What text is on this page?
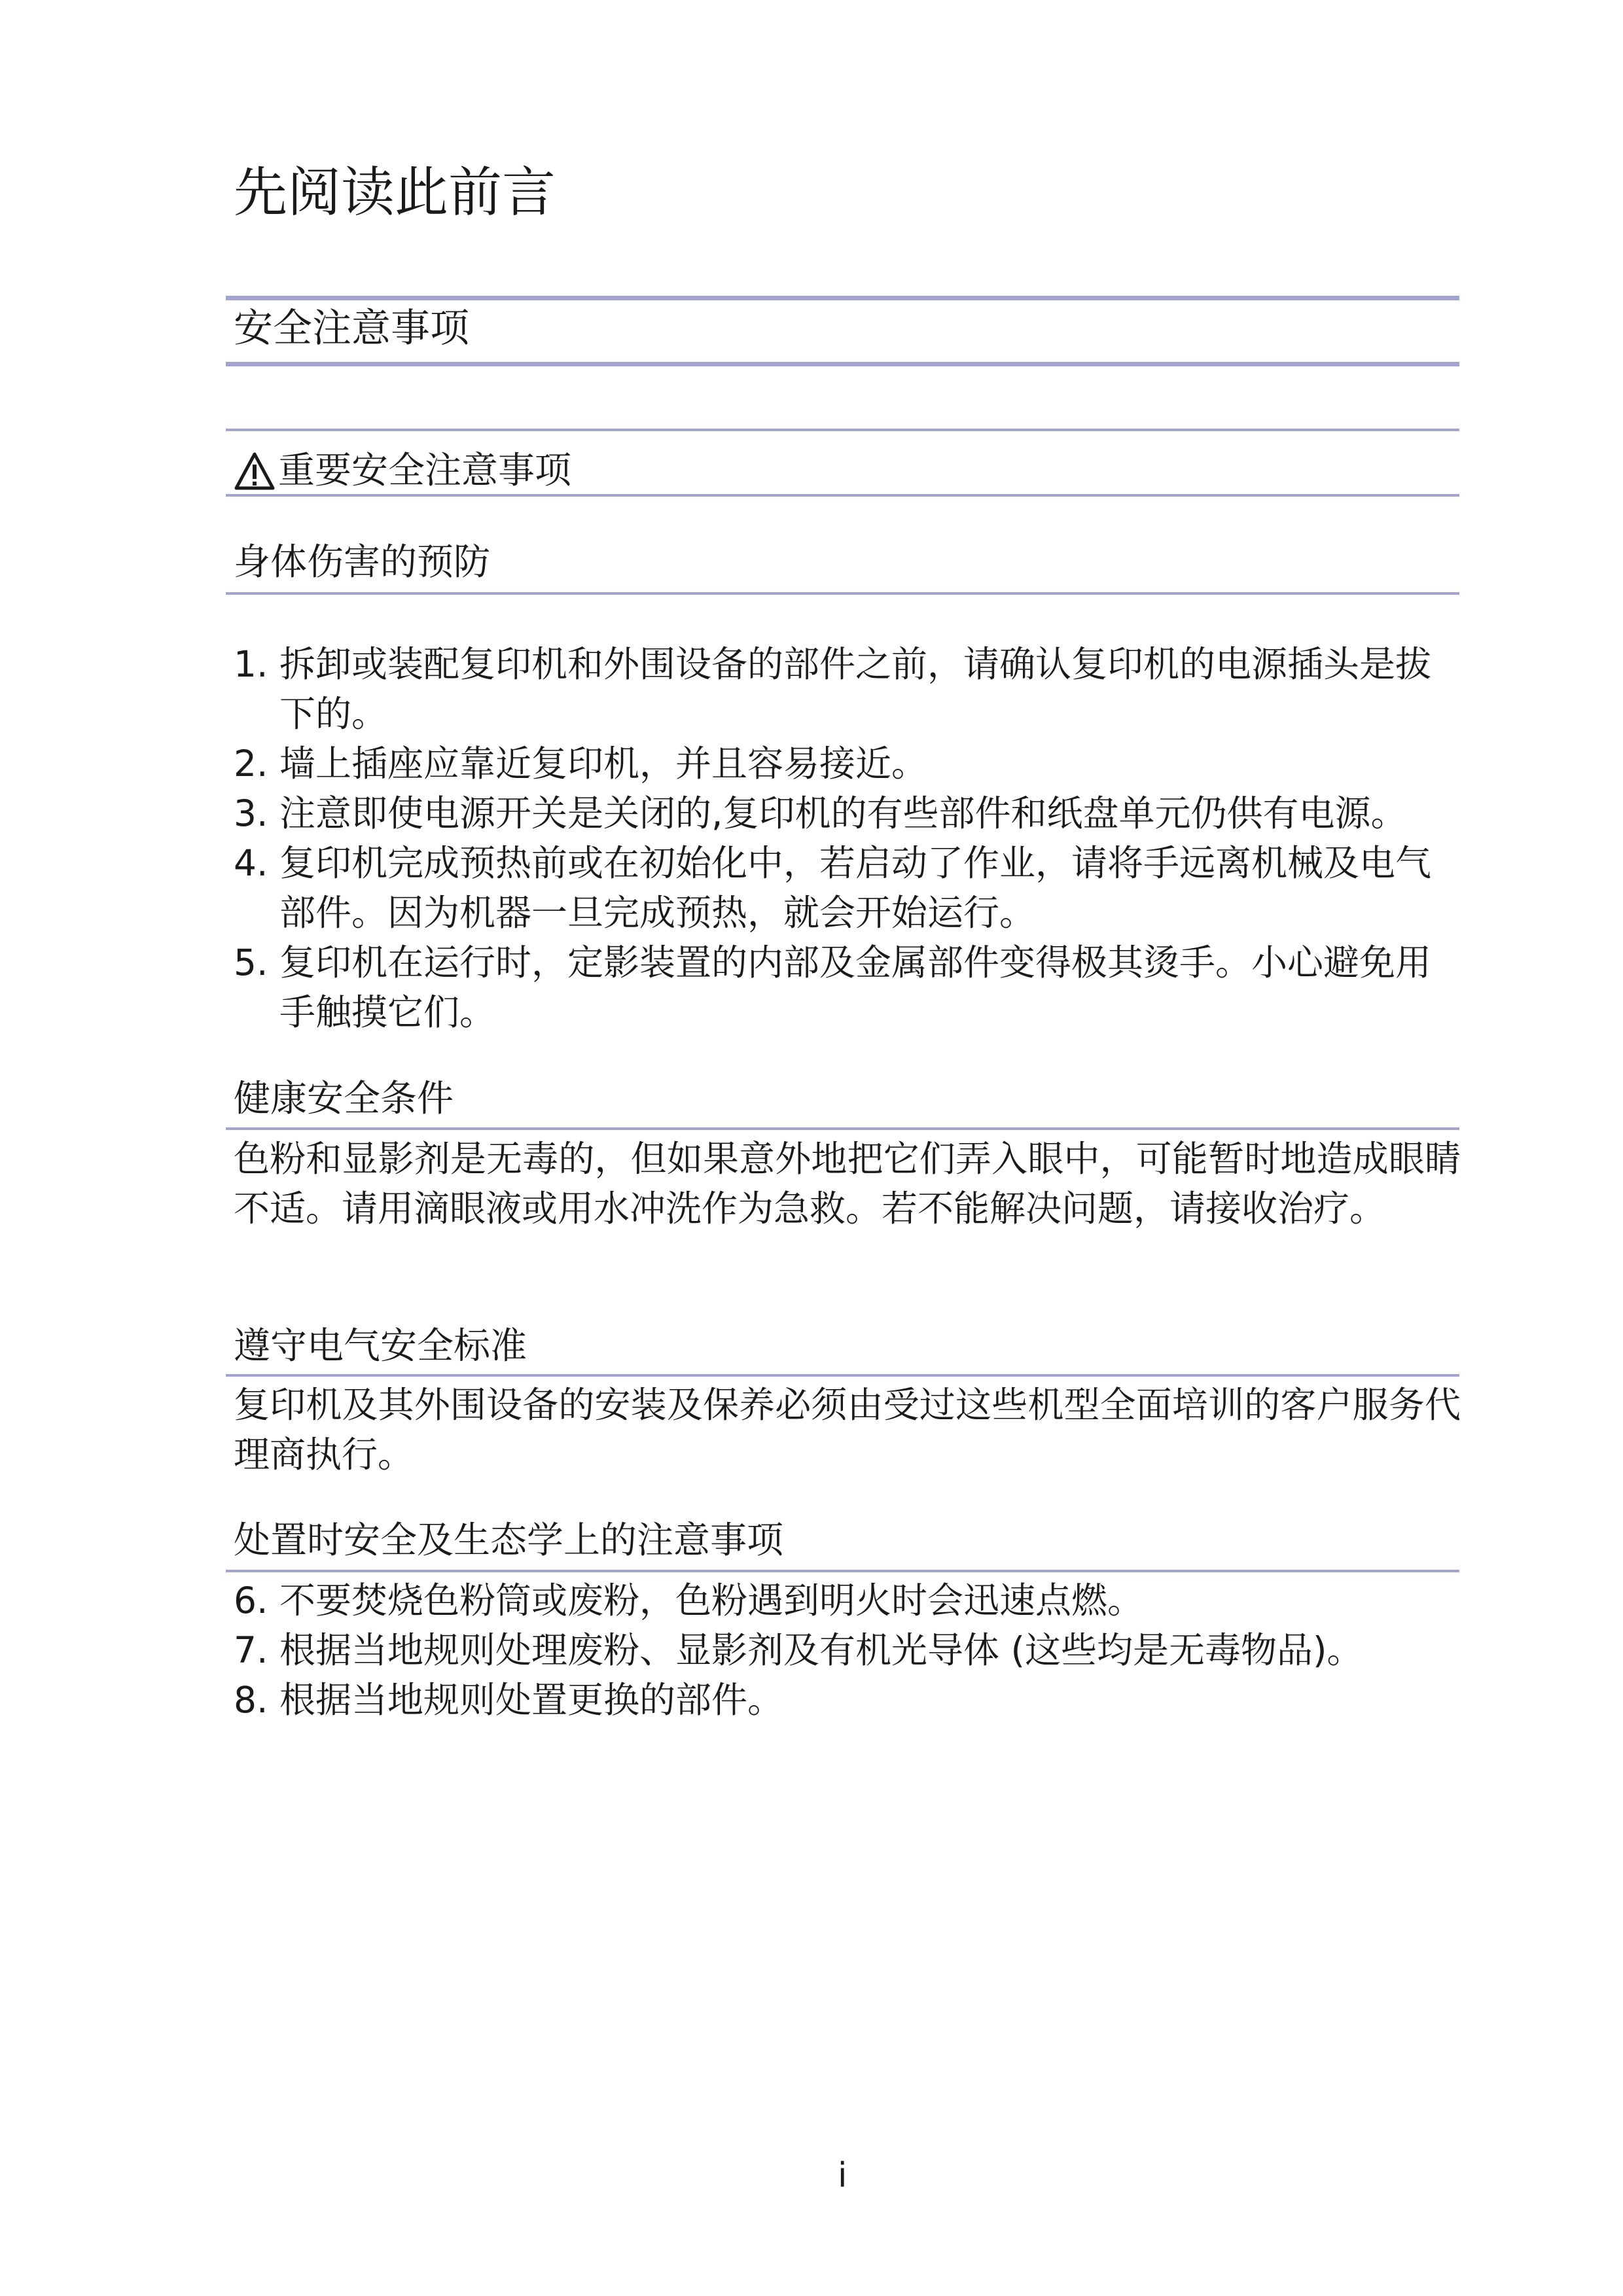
先阅读此前言
安全注意事项
重要安全注意事项
身体伤害的预防
1. 拆卸或装配复印机和外围设备的部件之前，请确认复印机的电源插头是拔下的。
2. 墙上插座应靠近复印机，并且容易接近。
3. 注意即使电源开关是关闭的,复印机的有些部件和纸盘单元仍供有电源。
4. 复印机完成预热前或在初始化中，若启动了作业，请将手远离机械及电气部件。因为机器一旦完成预热，就会开始运行。
5. 复印机在运行时，定影装置的内部及金属部件变得极其烫手。小心避免用手触摸它们。
健康安全条件
色粉和显影剂是无毒的，但如果意外地把它们弄入眼中，可能暂时地造成眼睛不适。请用滴眼液或用水冲洗作为急救。若不能解决问题，请接收治疗。
遵守电气安全标准
复印机及其外围设备的安装及保养必须由受过这些机型全面培训的客户服务代理商执行。
处置时安全及生态学上的注意事项
6. 不要焚烧色粉筒或废粉，色粉遇到明火时会迅速点燃。
7. 根据当地规则处理废粉、显影剂及有机光导体 (这些均是无毒物品)。
8. 根据当地规则处置更换的部件。
i
